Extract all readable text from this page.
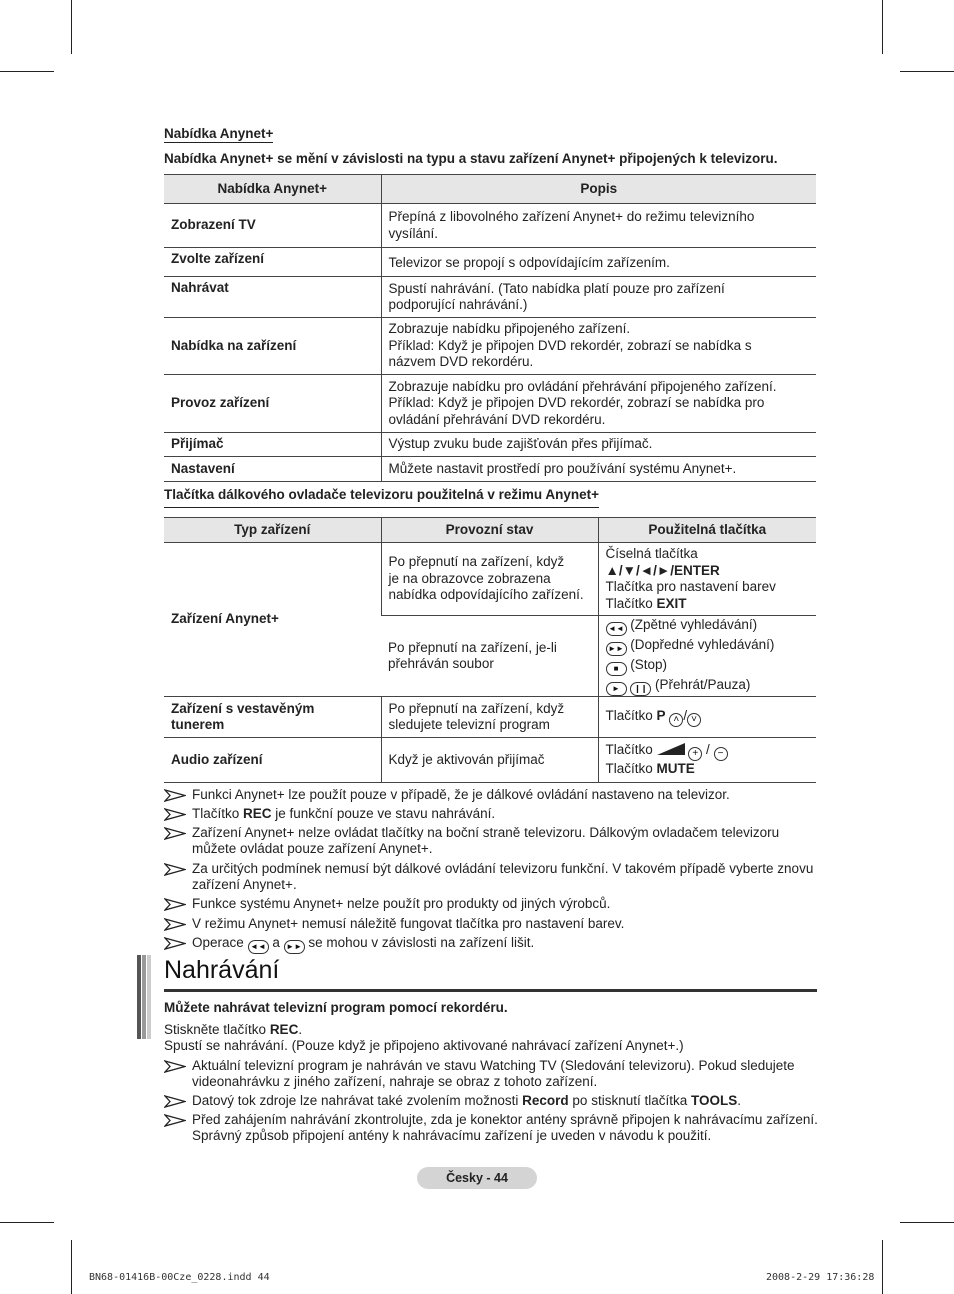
Nabídka Anynet+
Nabídka Anynet+ se mění v závislosti na typu a stavu zařízení Anynet+ připojených k televizoru.
Nabídka Anynet+	Popis
Zobrazení TV	Přepíná z libovolného zařízení Anynet+ do režimu televizního
vysílání.
Zvolte zařízení	Televizor se propojí s odpovídajícím zařízením.
Nahrávat	Spustí nahrávání. (Tato nabídka platí pouze pro zařízení
podporující nahrávání.)
Nabídka na zařízení	Zobrazuje nabídku připojeného zařízení.
Příklad: Když je připojen DVD rekordér, zobrazí se nabídka s
názvem DVD rekordéru.
Provoz zařízení	Zobrazuje nabídku pro ovládání přehrávání připojeného zařízení.
Příklad: Když je připojen DVD rekordér, zobrazí se nabídka pro
ovládání přehrávání DVD rekordéru.
Přijímač	Výstup zvuku bude zajišťován přes přijímač.
Nastavení	Můžete nastavit prostředí pro používání systému Anynet+.
Tlačítka dálkového ovladače televizoru použitelná v režimu Anynet+
Typ zařízení	Provozní stav	Použitelná tlačítka
Zařízení Anynet+	Po přepnutí na zařízení, když
je na obrazovce zobrazena
nabídka odpovídajícího zařízení.	Číselná tlačítka
▲/▼/◄/►/ENTER
Tlačítka pro nastavení barev
Tlačítko EXIT
	Po přepnutí na zařízení, je-li
přehráván soubor	◄◄ (Zpětné vyhledávání)
►► (Dopředné vyhledávání)
■ (Stop)
► ❙❙ (Přehrát/Pauza)
Zařízení s vestavěným
tunerem	Po přepnutí na zařízení, když
sledujete televizní program	Tlačítko P ˄ / ˅
Audio zařízení	Když je aktivován přijímač	Tlačítko + / −
Tlačítko MUTE
Funkci Anynet+ lze použít pouze v případě, že je dálkové ovládání nastaveno na televizor.
Tlačítko REC je funkční pouze ve stavu nahrávání.
Zařízení Anynet+ nelze ovládat tlačítky na boční straně televizoru. Dálkovým ovladačem televizoru můžete ovládat pouze zařízení Anynet+.
Za určitých podmínek nemusí být dálkové ovládání televizoru funkční. V takovém případě vyberte znovu zařízení Anynet+.
Funkce systému Anynet+ nelze použít pro produkty od jiných výrobců.
V režimu Anynet+ nemusí náležitě fungovat tlačítka pro nastavení barev.
Operace ◄◄ a ►► se mohou v závislosti na zařízení lišit.
Nahrávání
Můžete nahrávat televizní program pomocí rekordéru.
Stiskněte tlačítko REC.
Spustí se nahrávání. (Pouze když je připojeno aktivované nahrávací zařízení Anynet+.)
Aktuální televizní program je nahráván ve stavu Watching TV (Sledování televizoru). Pokud sledujete videonahrávku z jiného zařízení, nahraje se obraz z tohoto zařízení.
Datový tok zdroje lze nahrávat také zvolením možnosti Record po stisknutí tlačítka TOOLS.
Před zahájením nahrávání zkontrolujte, zda je konektor antény správně připojen k nahrávacímu zařízení. Správný způsob připojení antény k nahrávacímu zařízení je uveden v návodu k použití.
Česky - 44
BN68-01416B-00Cze_0228.indd 44	2008-2-29 17:36:28
